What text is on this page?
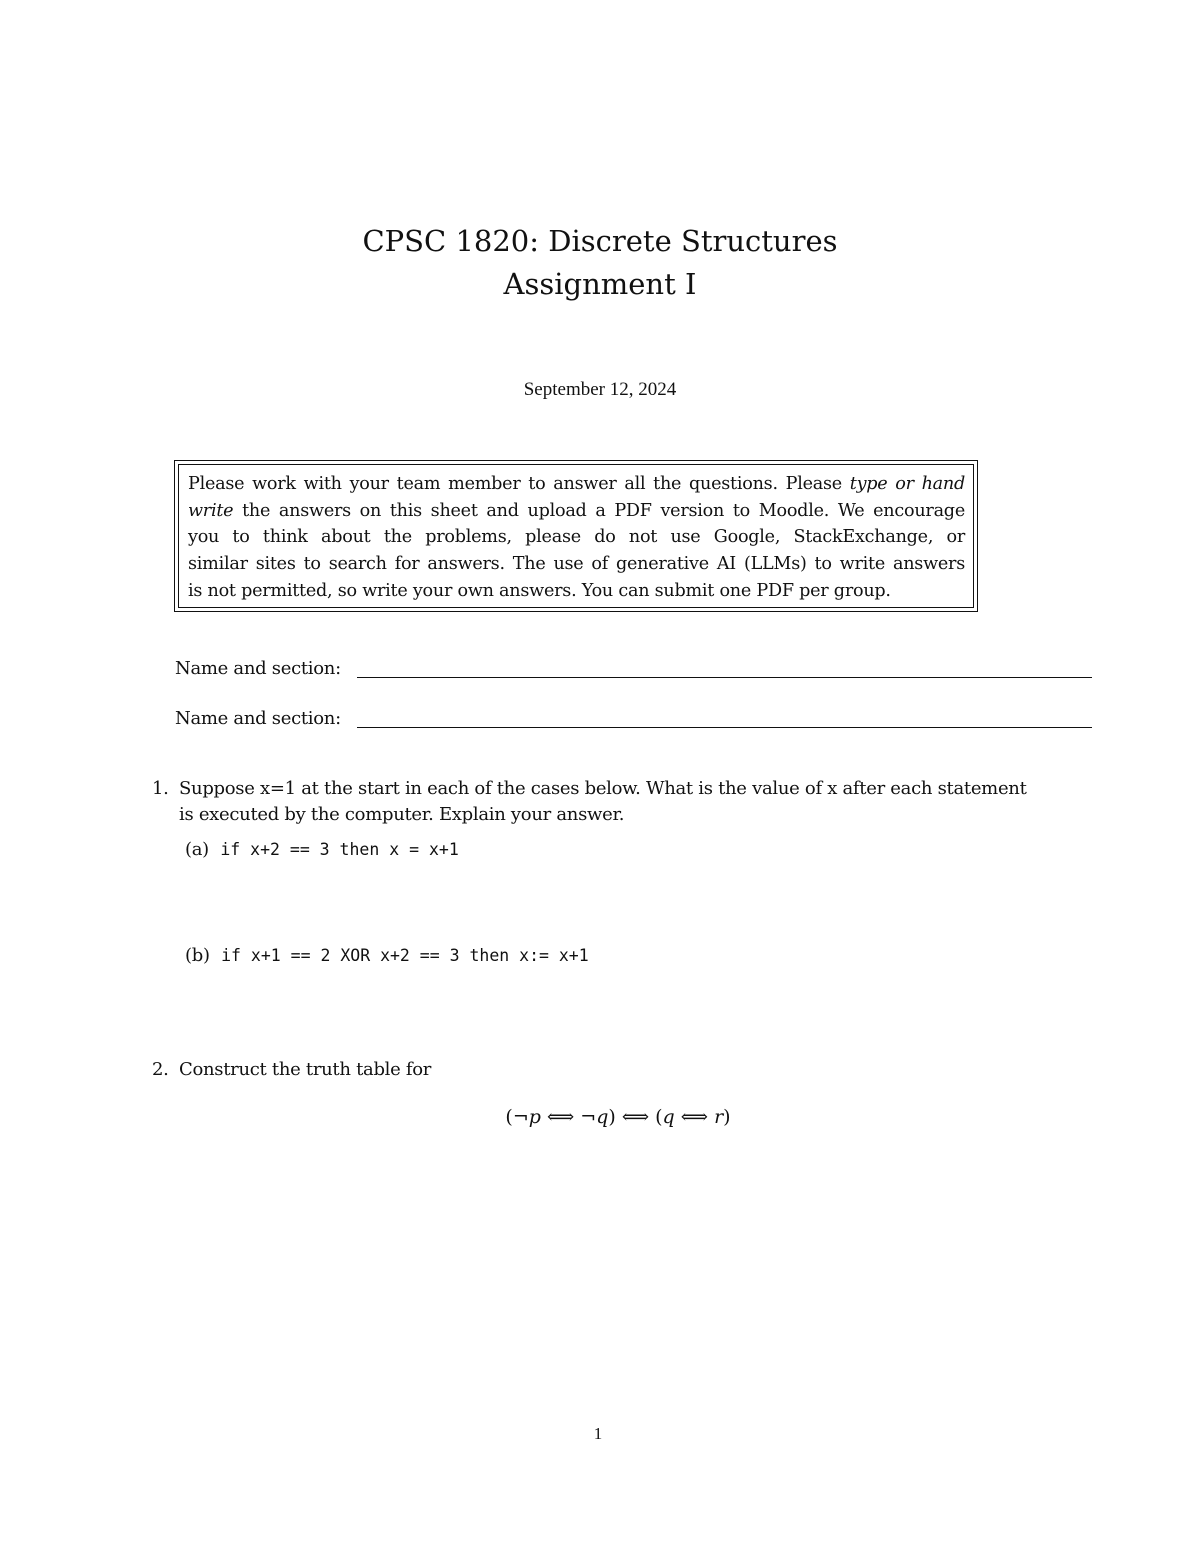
CPSC 1820: Discrete Structures
Assignment I
September 12, 2024
Please work with your team member to answer all the questions. Please type or hand
write the answers on this sheet and upload a PDF version to Moodle. We encourage
you to think about the problems, please do not use Google, StackExchange, or
similar sites to search for answers. The use of generative AI (LLMs) to write answers
is not permitted, so write your own answers. You can submit one PDF per group.
Name and section:
Name and section:
1. Suppose x=1 at the start in each of the cases below. What is the value of x after each statement
is executed by the computer. Explain your answer.
(a) if x+2 == 3 then x = x+1
(b) if x+1 == 2 XOR x+2 == 3 then x:= x+1
2. Construct the truth table for
(¬p ⟺ ¬q) ⟺ (q ⟺ r)
1
